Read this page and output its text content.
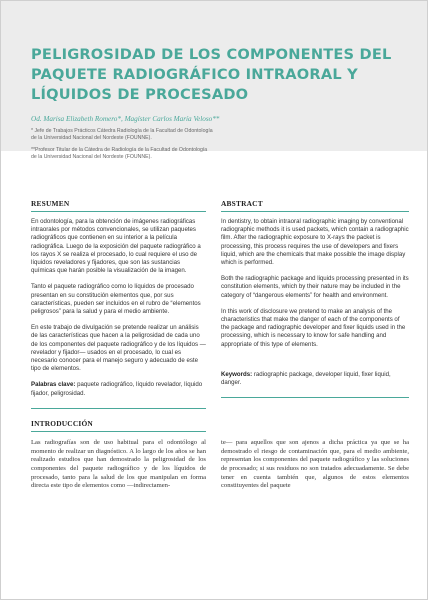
PELIGROSIDAD DE LOS COMPONENTES DEL PAQUETE RADIOGRÁFICO INTRAORAL Y LÍQUIDOS DE PROCESADO
Od. Marisa Elizabeth Romero*, Magíster Carlos María Veloso**
* Jefe de Trabajos Prácticos Cátedra Radiología de la Facultad de Odontología
de la Universidad Nacional del Nordeste (FOUNNE).
**Profesor Titular de la Cátedra de Radiología de la Facultad de Odontología
de la Universidad Nacional del Nordeste (FOUNNE).
RESUMEN

En odontología, para la obtención de imágenes radiográficas intraorales por métodos convencionales, se utilizan paquetes radiográficos que contienen en su interior a la película radiográfica. Luego de la exposición del paquete radiográfico a los rayos X se realiza el procesado, lo cual requiere el uso de líquidos reveladores y fijadores, que son las sustancias químicas que harán posible la visualización de la imagen.

Tanto el paquete radiográfico como lo líquidos de procesado presentan en su constitución elementos que, por sus características, pueden ser incluidos en el rubro de “elementos peligrosos” para la salud y para el medio ambiente.

En este trabajo de divulgación se pretende realizar un análisis de las características que hacen a la peligrosidad de cada uno de los componentes del paquete radiográfico y de los líquidos —revelador y fijador— usados en el procesado, lo cual es necesario conocer para el manejo seguro y adecuado de este tipo de elementos.

Palabras clave: paquete radiográfico, líquido revelador, líquido fijador, peligrosidad.
ABSTRACT

In dentistry, to obtain intraoral radiographic imaging by conventional radiographic methods it is used packets, which contain a radiographic film. After the radiographic exposure to X-rays the packet is processing, this process requires the use of developers and fixers liquid, which are the chemicals that make possible the image display which is performed.

Both the radiographic package and liquids processing presented in its constitution elements, which by their nature may be included in the category of “dangerous elements” for health and environment.

In this work of disclosure we pretend to make an analysis of the characteristics that make the danger of each of the components of the package and radiographic developer and fixer liquids used in the processing, which is necessary to know for safe handling and appropriate of this type of elements.

Keywords: radiographic package, developer liquid, fixer liquid, danger.
INTRODUCCIÓN

Las radiografías son de uso habitual para el odontólogo al momento de realizar un diagnóstico. A lo largo de los años se han realizado estudios que han demostrado la peligrosidad de los componentes del paquete radiográfico y de los líquidos de procesado, tanto para la salud de los que manipulan en forma directa este tipo de elementos como —indirectamen-

te— para aquellos que son ajenos a dicha práctica ya que se ha demostrado el riesgo de contaminación que, para el medio ambiente, representan los componentes del paquete radiográfico y las soluciones de procesado; si sus residuos no son tratados adecuadamente. Se debe tener en cuenta también que, algunos de estos elementos constituyentes del paquete
